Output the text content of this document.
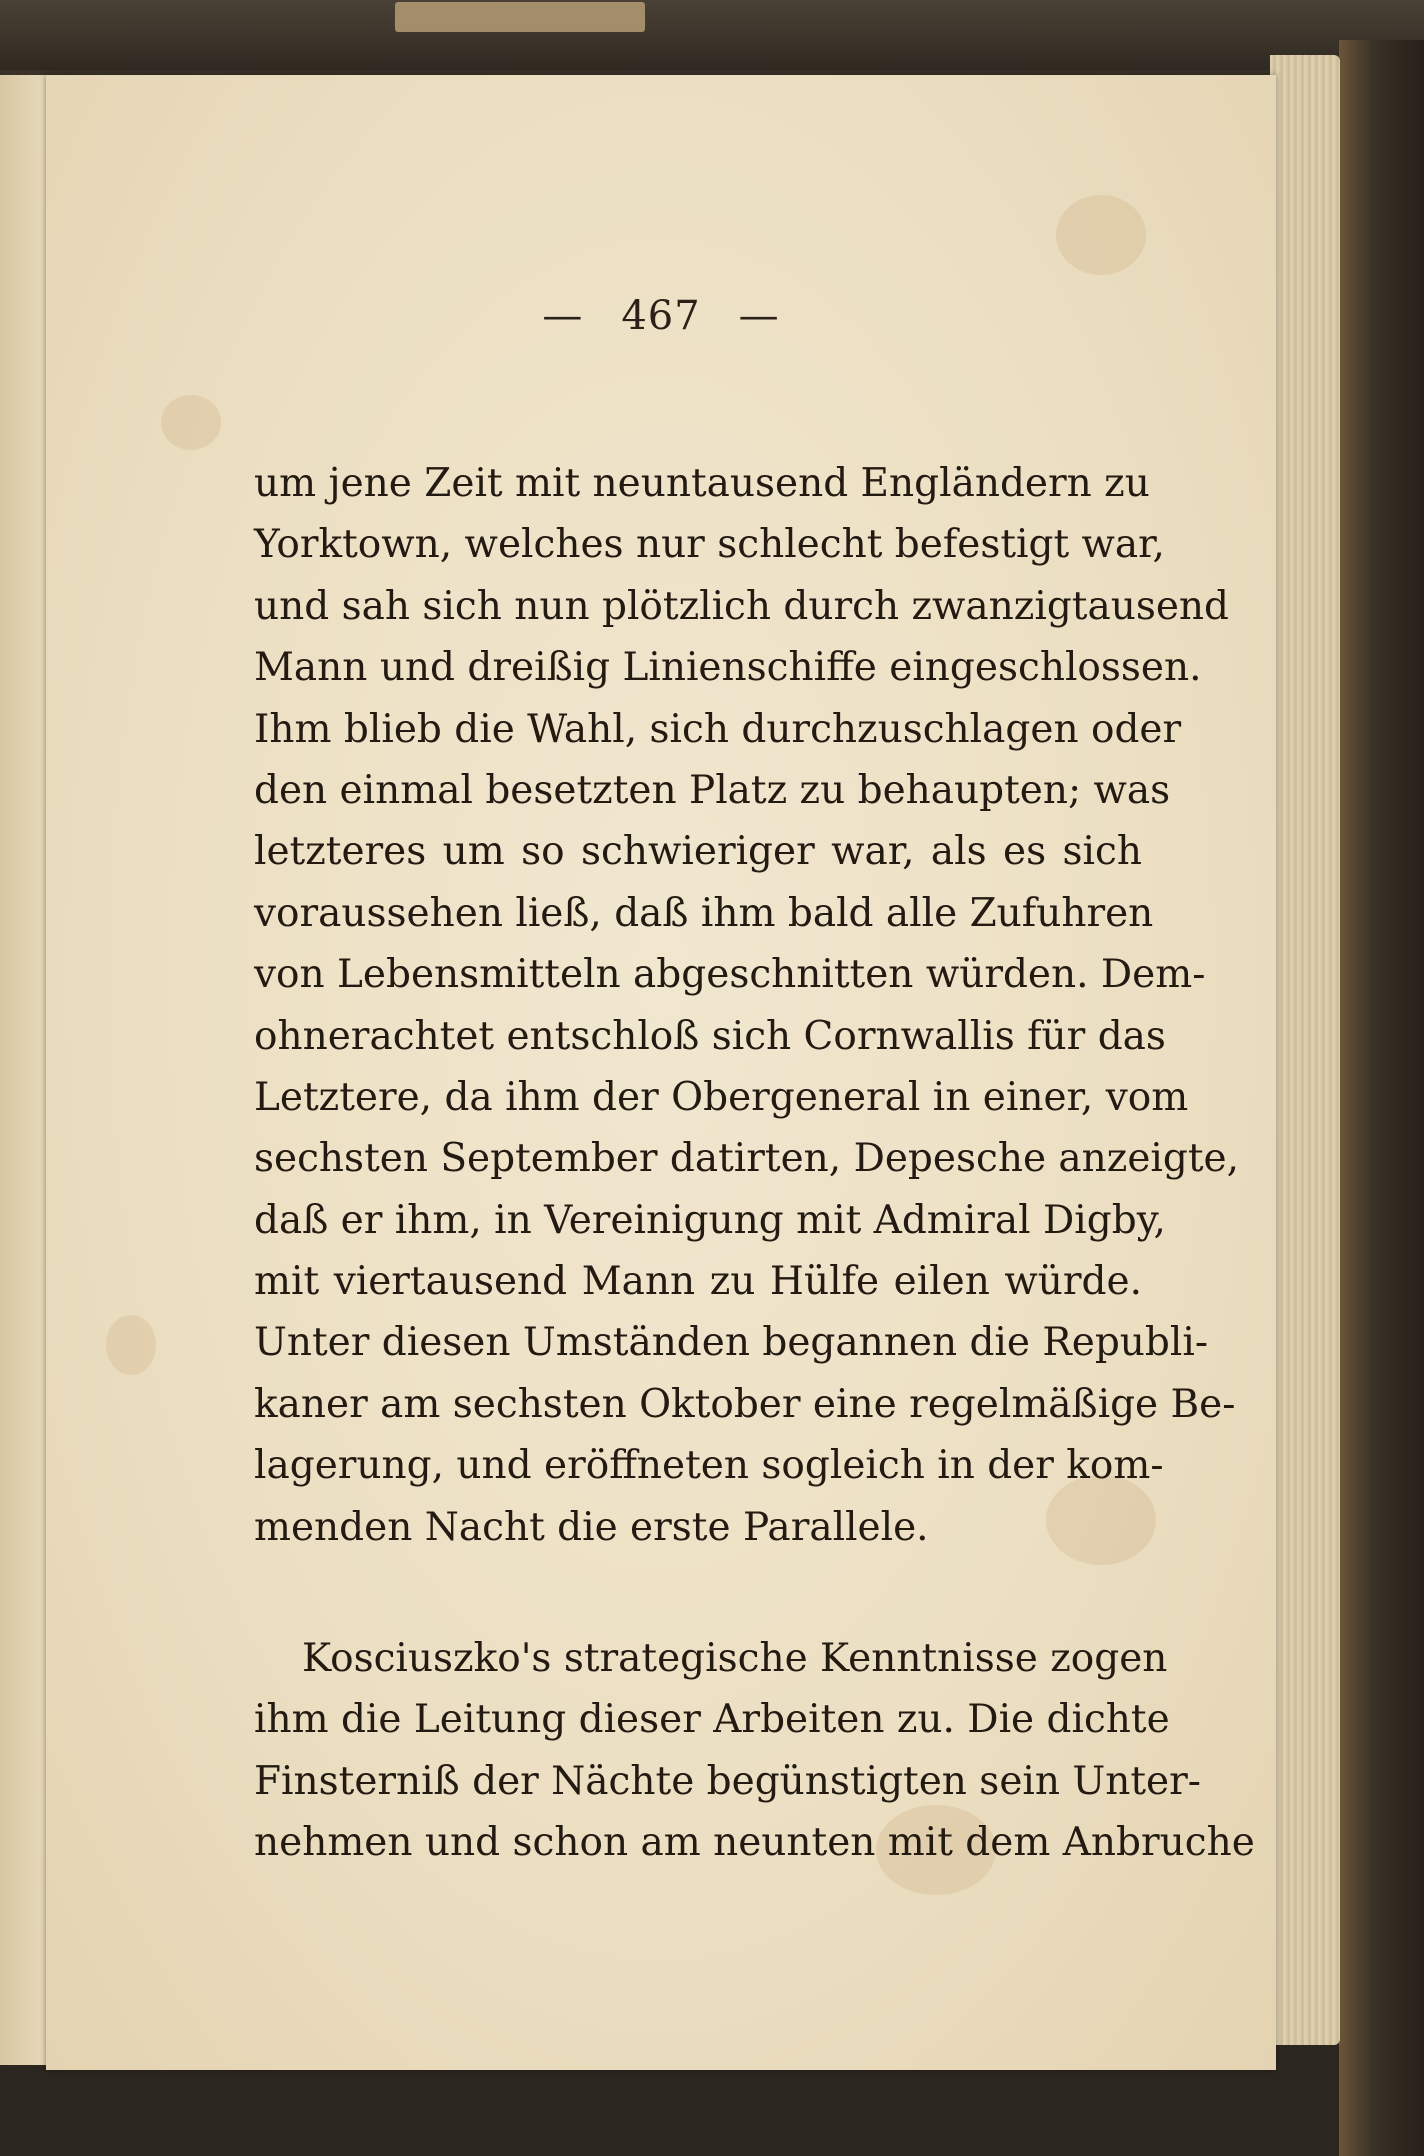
— 467 —
um jene Zeit mit neuntausend Engländern zu
Yorktown, welches nur schlecht befestigt war,
und sah sich nun plötzlich durch zwanzigtausend
Mann und dreißig Linienschiffe eingeschlossen.
Ihm blieb die Wahl, sich durchzuschlagen oder
den einmal besetzten Platz zu behaupten; was
letzteres um so schwieriger war, als es sich
voraussehen ließ, daß ihm bald alle Zufuhren
von Lebensmitteln abgeschnitten würden. Dem-
ohnerachtet entschloß sich Cornwallis für das
Letztere, da ihm der Obergeneral in einer, vom
sechsten September datirten, Depesche anzeigte,
daß er ihm, in Vereinigung mit Admiral Digby,
mit viertausend Mann zu Hülfe eilen würde.
Unter diesen Umständen begannen die Republi-
kaner am sechsten Oktober eine regelmäßige Be-
lagerung, und eröffneten sogleich in der kom-
menden Nacht die erste Parallele.
Kosciuszko's strategische Kenntnisse zogen
ihm die Leitung dieser Arbeiten zu. Die dichte
Finsterniß der Nächte begünstigten sein Unter-
nehmen und schon am neunten mit dem Anbruche
